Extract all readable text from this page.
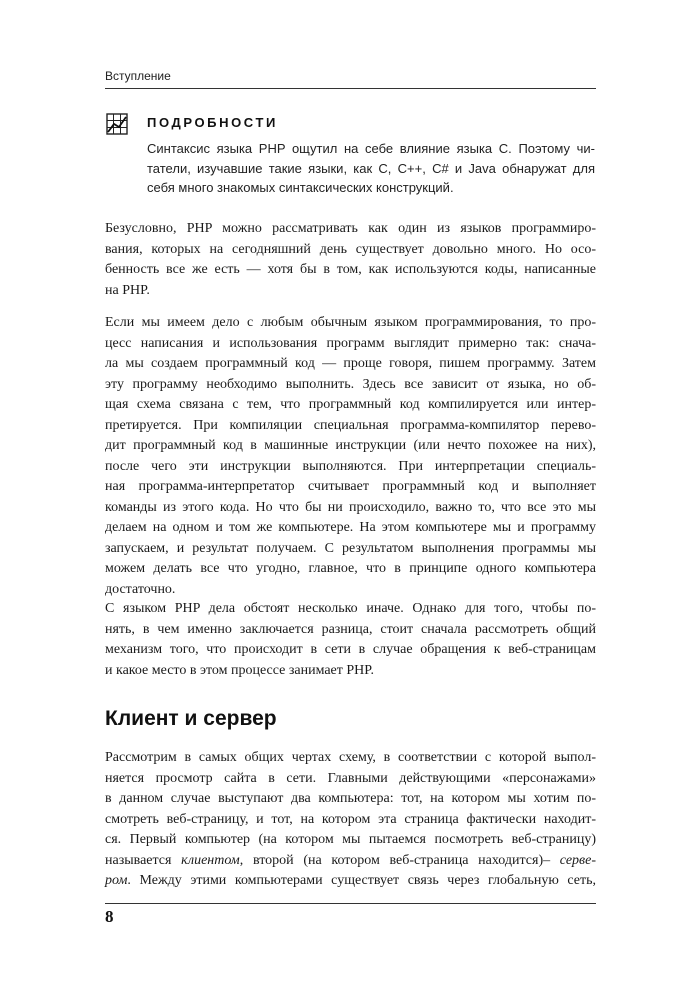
Вступление
ПОДРОБНОСТИ

Синтаксис языка PHP ощутил на себе влияние языка С. Поэтому чи-
татели, изучавшие такие языки, как С, C++, C# и Java обнаружат для
себя много знакомых синтаксических конструкций.

Безусловно, PHP можно рассматривать как один из языков программиро-
вания, которых на сегодняшний день существует довольно много. Но осо-
бенность все же есть — хотя бы в том, как используются коды, написанные
на PHP.

Если мы имеем дело с любым обычным языком программирования, то про-
цесс написания и использования программ выглядит примерно так: снача-
ла мы создаем программный код — проще говоря, пишем программу. Затем
эту программу необходимо выполнить. Здесь все зависит от языка, но об-
щая схема связана с тем, что программный код компилируется или интер-
претируется. При компиляции специальная программа-компилятор перево-
дит программный код в машинные инструкции (или нечто похожее на них),
после чего эти инструкции выполняются. При интерпретации специаль-
ная программа-интерпретатор считывает программный код и выполняет
команды из этого кода. Но что бы ни происходило, важно то, что все это мы
делаем на одном и том же компьютере. На этом компьютере мы и программу
запускаем, и результат получаем. С результатом выполнения программы мы
можем делать все что угодно, главное, что в принципе одного компьютера
достаточно.

С языком PHP дела обстоят несколько иначе. Однако для того, чтобы по-
нять, в чем именно заключается разница, стоит сначала рассмотреть общий
механизм того, что происходит в сети в случае обращения к веб-страницам
и какое место в этом процессе занимает PHP.

Клиент и сервер

Рассмотрим в самых общих чертах схему, в соответствии с которой выпол-
няется просмотр сайта в сети. Главными действующими «персонажами»
в данном случае выступают два компьютера: тот, на котором мы хотим по-
смотреть веб-страницу, и тот, на котором эта страница фактически находит-
ся. Первый компьютер (на котором мы пытаемся посмотреть веб-страницу)
называется клиентом, второй (на котором веб-страница находится)– серве-
ром. Между этими компьютерами существует связь через глобальную сеть,

8
